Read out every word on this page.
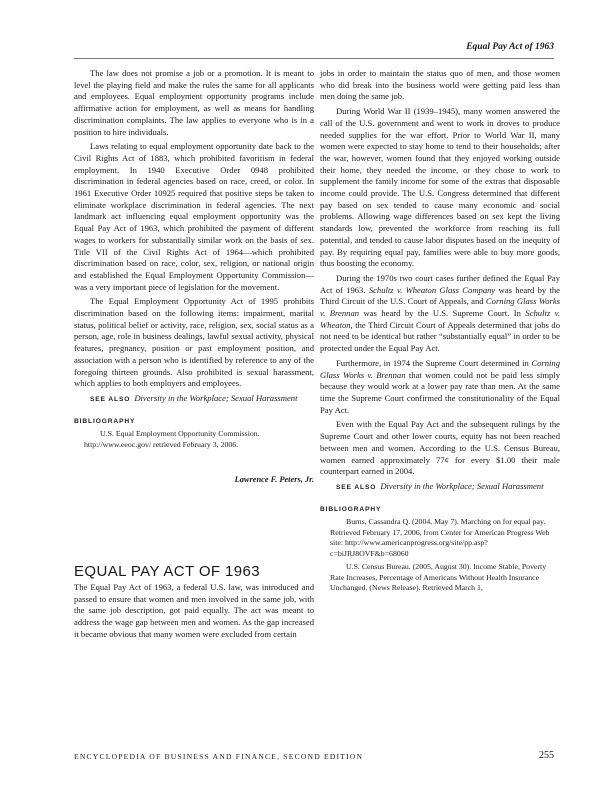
Equal Pay Act of 1963

The law does not promise a job or a promotion. It is meant to level the playing field and make the rules the same for all applicants and employees. Equal employment opportunity programs include affirmative action for employment, as well as means for handling discrimination complaints. The law applies to everyone who is in a position to hire individuals.

Laws relating to equal employment opportunity date back to the Civil Rights Act of 1883, which prohibited favoritism in federal employment. In 1940 Executive Order 0948 prohibited discrimination in federal agencies based on race, creed, or color. In 1961 Executive Order 10925 required that positive steps be taken to eliminate workplace discrimination in federal agencies. The next landmark act influencing equal employment opportunity was the Equal Pay Act of 1963, which prohibited the payment of different wages to workers for substantially similar work on the basis of sex. Title VII of the Civil Rights Act of 1964—which prohibited discrimination based on race, color, sex, religion, or national origin and established the Equal Employment Opportunity Commission—was a very important piece of legislation for the movement.

The Equal Employment Opportunity Act of 1995 prohibits discrimination based on the following items: impairment, marital status, political belief or activity, race, religion, sex, social status as a person, age, role in business dealings, lawful sexual activity, physical features, pregnancy, position or past employment position, and association with a person who is identified by reference to any of the foregoing thirteen grounds. Also prohibited is sexual harassment, which applies to both employers and employees.

SEE ALSO Diversity in the Workplace; Sexual Harassment

BIBLIOGRAPHY

U.S. Equal Employment Opportunity Commission. http://www.eeoc.gov/ retrieved February 3, 2006.

Lawrence F. Peters, Jr.
EQUAL PAY ACT OF 1963

The Equal Pay Act of 1963, a federal U.S. law, was introduced and passed to ensure that women and men involved in the same job, with the same job description, got paid equally. The act was meant to address the wage gap between men and women. As the gap increased it became obvious that many women were excluded from certain

jobs in order to maintain the status quo of men, and those women who did break into the business world were getting paid less than men doing the same job.

During World War II (1939–1945), many women answered the call of the U.S. government and went to work in droves to produce needed supplies for the war effort. Prior to World War II, many women were expected to stay home to tend to their households; after the war, however, women found that they enjoyed working outside their home, they needed the income, or they chose to work to supplement the family income for some of the extras that disposable income could provide. The U.S. Congress determined that different pay based on sex tended to cause many economic and social problems. Allowing wage differences based on sex kept the living standards low, prevented the workforce from reaching its full potential, and tended to cause labor disputes based on the inequity of pay. By requiring equal pay, families were able to buy more goods, thus boosting the economy.

During the 1970s two court cases further defined the Equal Pay Act of 1963. Schultz v. Wheaton Glass Company was heard by the Third Circuit of the U.S. Court of Appeals, and Corning Glass Works v. Brennan was heard by the U.S. Supreme Court. In Schultz v. Wheaton, the Third Circuit Court of Appeals determined that jobs do not need to be identical but rather “substantially equal” in order to be protected under the Equal Pay Act.

Furthermore, in 1974 the Supreme Court determined in Corning Glass Works v. Brennan that women could not be paid less simply because they would work at a lower pay rate than men. At the same time the Supreme Court confirmed the constitutionality of the Equal Pay Act.

Even with the Equal Pay Act and the subsequent rulings by the Supreme Court and other lower courts, equity has not been reached between men and women. According to the U.S. Census Bureau, women earned approximately 77¢ for every $1.00 their male counterpart earned in 2004.

SEE ALSO Diversity in the Workplace; Sexual Harassment

BIBLIOGRAPHY

Burns, Cassandra Q. (2004, May 7). Marching on for equal pay. Retrieved February 17, 2006, from Center for American Progress Web site: http://www.americanprogress.org/site/pp.asp?c=biJRJ8OVF&b=68060

U.S. Census Bureau. (2005, August 30). Income Stable, Poverty Rate Increases, Percentage of Americans Without Health Insurance Unchanged. (News Release). Retrieved March 1,

ENCYCLOPEDIA OF BUSINESS AND FINANCE, SECOND EDITION	255
